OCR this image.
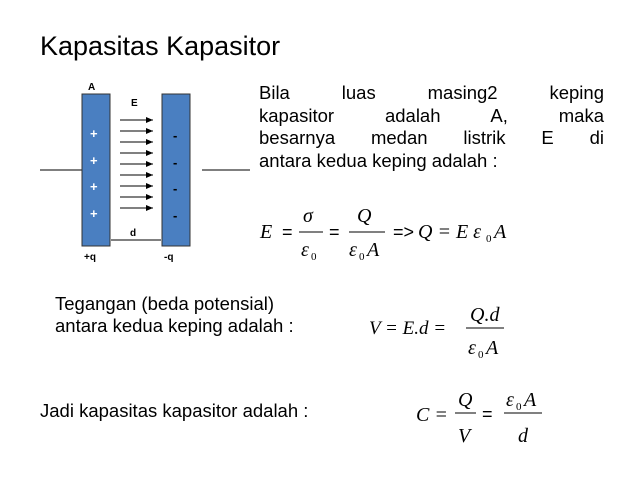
Kapasitas Kapasitor
A
E
+
+
+
+
-
-
-
-
d
+q	-q
Bila luas masing2 keping
kapasitor adalah A, maka
besarnya medan listrik E di
antara kedua keping adalah :
E =
σ
ε 0
=
Q
ε 0 A
=> Q = E ε 0 A
Tegangan (beda potensial)
antara kedua keping adalah :	V = E.d =
Q.d
ε 0 A
Jadi kapasitas kapasitor adalah :	C =
Q
V
=
ε 0 A
d
